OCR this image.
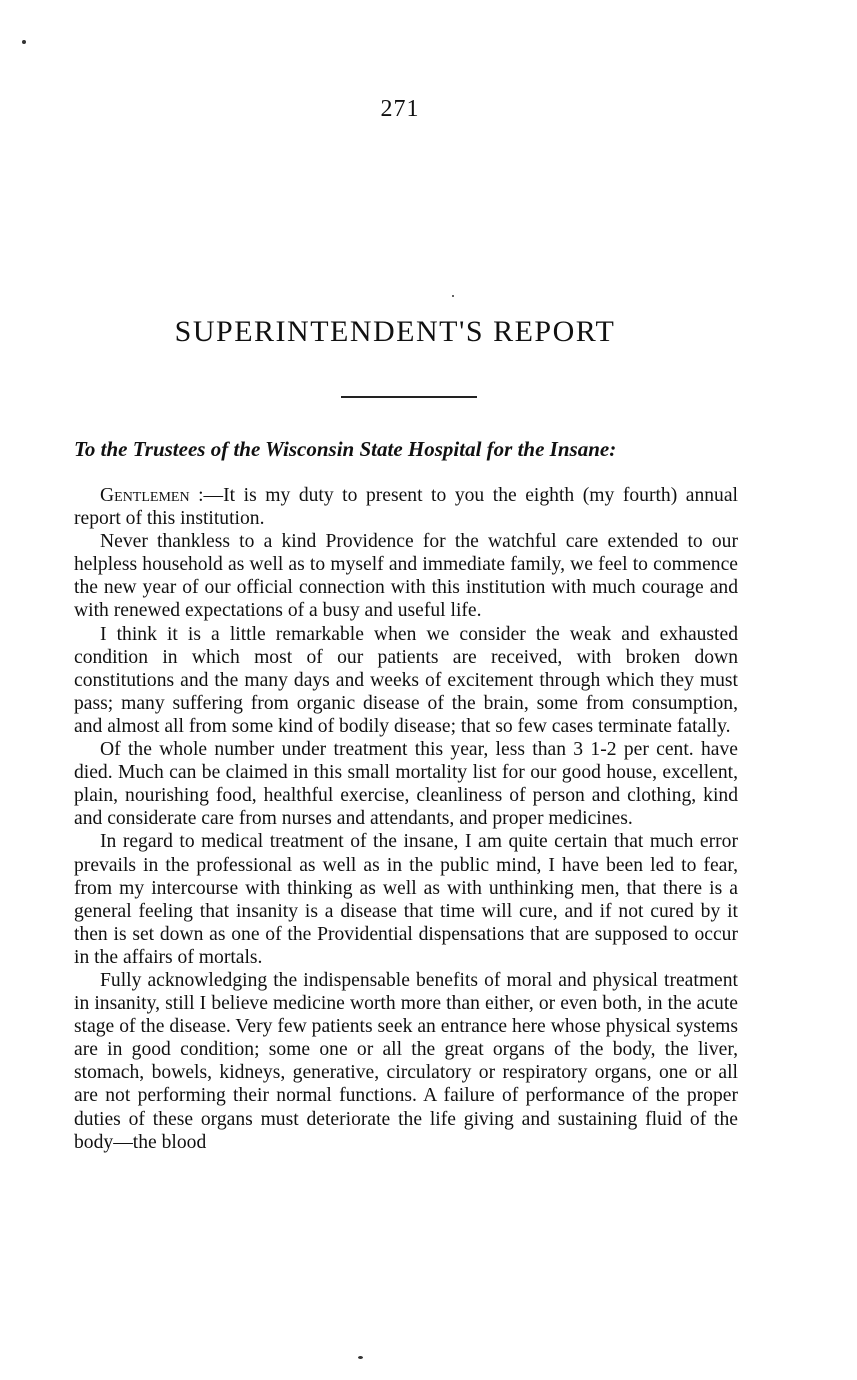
271
SUPERINTENDENT'S REPORT
To the Trustees of the Wisconsin State Hospital for the Insane:

Gentlemen :—It is my duty to present to you the eighth (my fourth) annual report of this institution.

Never thankless to a kind Providence for the watchful care extended to our helpless household as well as to myself and immediate family, we feel to commence the new year of our official connection with this institution with much courage and with renewed expectations of a busy and useful life.

I think it is a little remarkable when we consider the weak and exhausted condition in which most of our patients are received, with broken down constitutions and the many days and weeks of excitement through which they must pass; many suffering from organic disease of the brain, some from consumption, and almost all from some kind of bodily disease; that so few cases terminate fatally.

Of the whole number under treatment this year, less than 3 1-2 per cent. have died. Much can be claimed in this small mortality list for our good house, excellent, plain, nourishing food, healthful exercise, cleanliness of person and clothing, kind and considerate care from nurses and attendants, and proper medicines.

In regard to medical treatment of the insane, I am quite certain that much error prevails in the professional as well as in the public mind, I have been led to fear, from my intercourse with thinking as well as with unthinking men, that there is a general feeling that insanity is a disease that time will cure, and if not cured by it then is set down as one of the Providential dispensations that are supposed to occur in the affairs of mortals.

Fully acknowledging the indispensable benefits of moral and physical treatment in insanity, still I believe medicine worth more than either, or even both, in the acute stage of the disease. Very few patients seek an entrance here whose physical systems are in good condition; some one or all the great organs of the body, the liver, stomach, bowels, kidneys, generative, circulatory or respiratory organs, one or all are not performing their normal functions. A failure of performance of the proper duties of these organs must deteriorate the life giving and sustaining fluid of the body—the blood
